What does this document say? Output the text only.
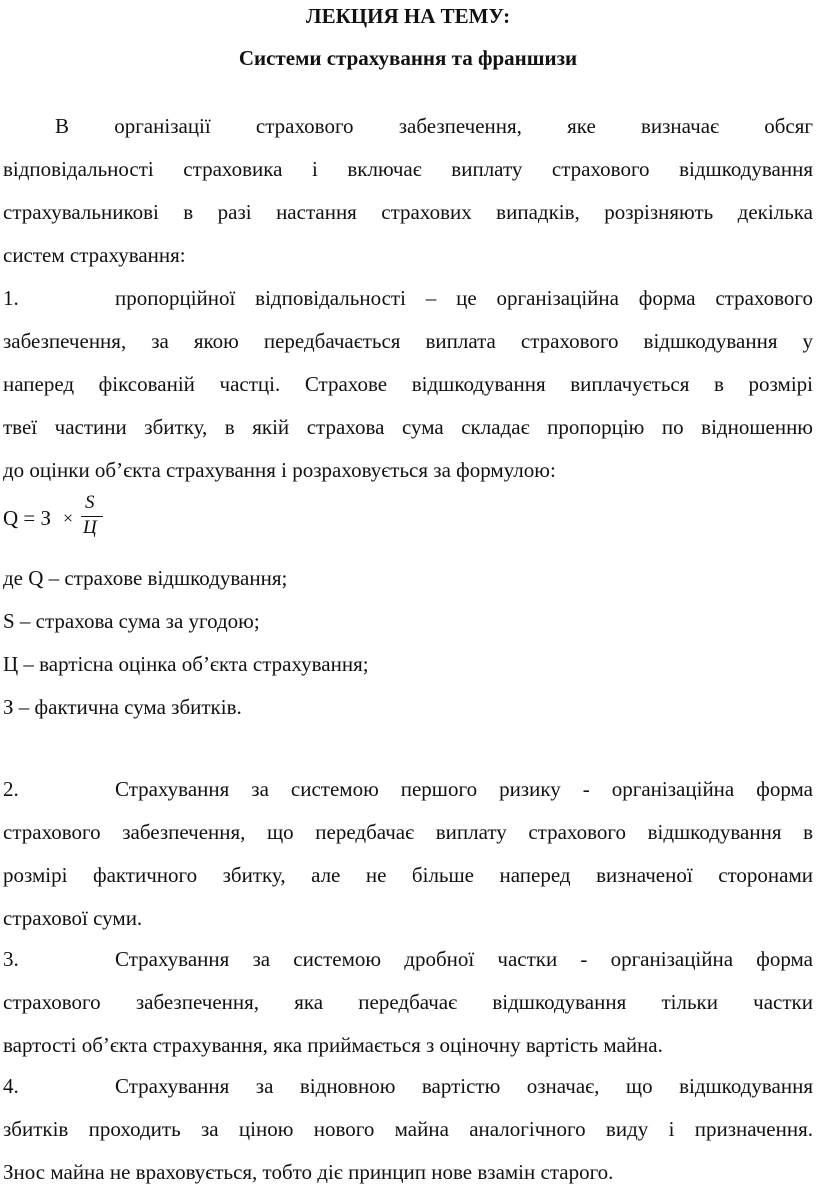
ЛЕКЦИЯ НА ТЕМУ:
Системи страхування та франшизи

В організації страхового забезпечення, яке визначає обсяг

відповідальності страховика і включає виплату страхового відшкодування

страхувальникові в разі настання страхових випадків, розрізняють декілька

систем страхування:

1.	пропорційної відповідальності – це організаційна форма страхового

забезпечення, за якою передбачається виплата страхового відшкодування у

наперед фіксованій частці. Страхове відшкодування виплачується в розмірі

твеї частини збитку, в якій страхова сума складає пропорцію по відношенню

до оцінки об’єкта страхування і розраховується за формулою:

Q = З ×
S
Ц

де Q – страхове відшкодування;

S – страхова сума за угодою;

Ц – вартісна оцінка об’єкта страхування;

З – фактична сума збитків.

2.	Страхування за системою першого ризику - організаційна форма

страхового забезпечення, що передбачає виплату страхового відшкодування в

розмірі фактичного збитку, але не більше наперед визначеної сторонами

страхової суми.

3.	Страхування за системою дробної частки - організаційна форма

страхового забезпечення, яка передбачає відшкодування тільки частки

вартості об’єкта страхування, яка приймається з оціночну вартість майна.

4.	Страхування за відновною вартістю означає, що відшкодування

збитків проходить за ціною нового майна аналогічного виду і призначення.

Знос майна не враховується, тобто діє принцип нове взамін старого.
